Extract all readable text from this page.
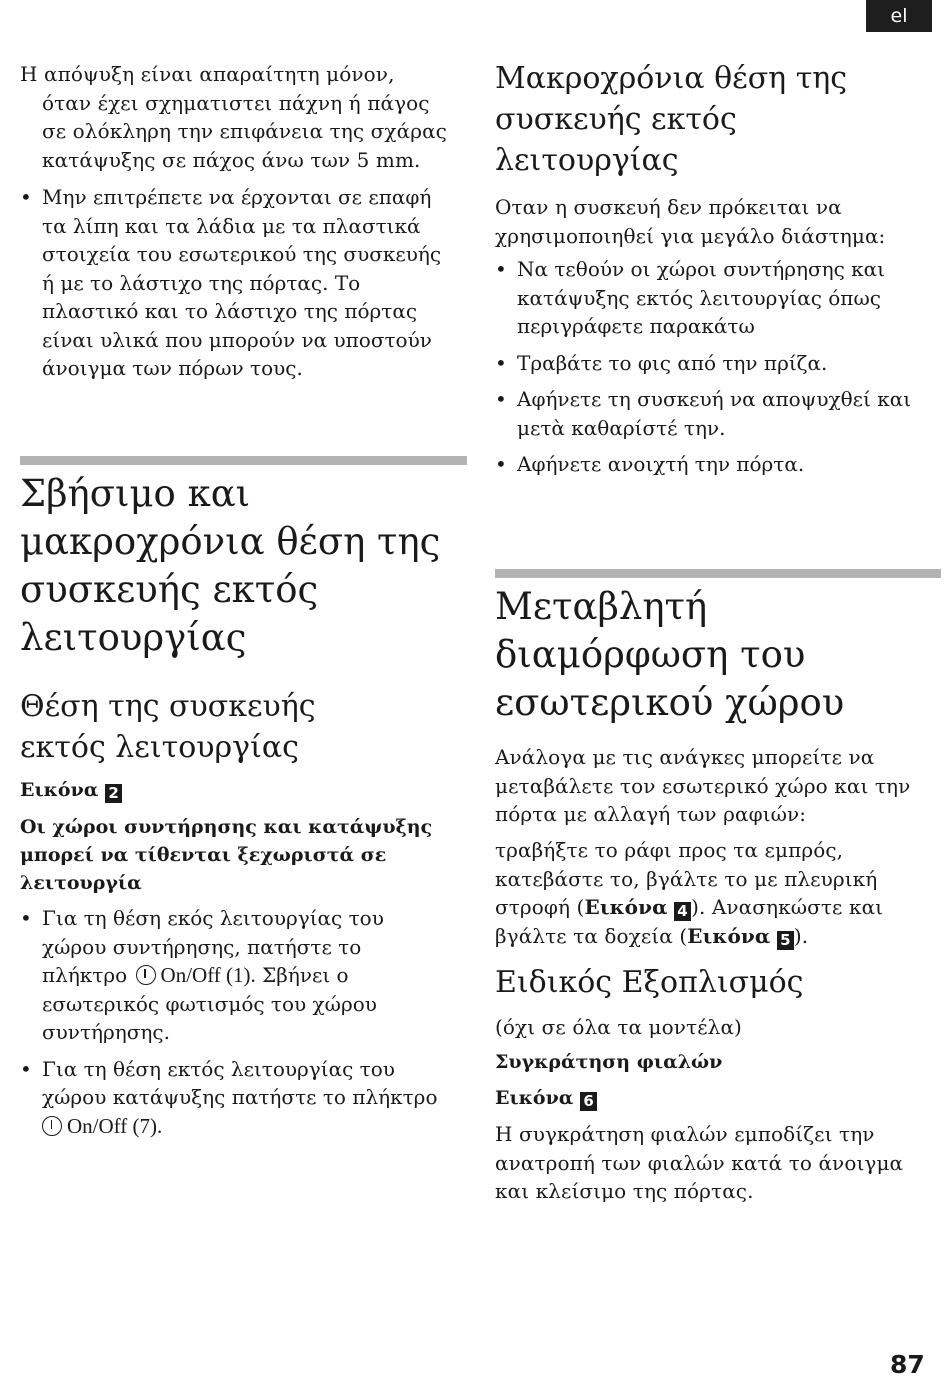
el

Η απόψυξη είναι απαραίτητη μόνον,
όταν έχει σχηματιστει πάχνη ή πάγος
σε ολόκληρη την επιφάνεια της σχάρας
κατάψυξης σε πάχος άνω των 5 mm.

• Μην επιτρέπετε να έρχονται σε επαφή
τα λίπη και τα λάδια με τα πλαστικά
στοιχεία του εσωτερικού της συσκευής
ή με το λάστιχο της πόρτας. Το
πλαστικό και το λάστιχο της πόρτας
είναι υλικά που μπορούν να υποστούν
άνοιγμα των πόρων τους.
Σβήσιμο και
μακροχρόνια θέση της
συσκευής εκτός
λειτουργίας
Θέση της συσκευής
εκτός λειτουργίας

Εικόνα 2

Οι χώροι συντήρησης και κατάψυξης
μπορεί να τίθενται ξεχωριστά σε
λειτουργία

• Για τη θέση εκός λειτουργίας του
χώρου συντήρησης, πατήστε το
πλήκτρο On/Off (1). Σβήνει ο
εσωτερικός φωτισμός του χώρου
συντήρησης.
• Για τη θέση εκτός λειτουργίας του
χώρου κατάψυξης πατήστε το πλήκτρο
On/Off (7).
Μακροχρόνια θέση της
συσκευής εκτός
λειτουργίας

Οταν η συσκευή δεν πρόκειται να
χρησιμοποιηθεί για μεγάλο διάστημα:

• Να τεθούν οι χώροι συντήρησης και
κατάψυξης εκτός λειτουργίας όπως
περιγράφετε παρακάτω
• Τραβάτε το φις από την πρίζα.
• Αφήνετε τη συσκευή να αποψυχθεί και
μετὰ καθαρίστέ την.
• Αφήνετε ανοιχτή την πόρτα.
Μεταβλητή
διαμόρφωση του
εσωτερικού χώρου

Ανάλογα με τις ανάγκες μπορείτε να
μεταβάλετε τον εσωτερικό χώρο και την
πόρτα με αλλαγή των ραφιών:

τραβήξτε το ράφι προς τα εμπρός,
κατεβάστε το, βγάλτε το με πλευρική
στροφή (Εικόνα 4 ). Ανασηκώστε και
βγάλτε τα δοχεία (Εικόνα 5 ).

Ειδικός Εξοπλισμός

(όχι σε όλα τα μοντέλα)

Συγκράτηση φιαλών

Εικόνα 6

Η συγκράτηση φιαλών εμποδίζει την
ανατροπή των φιαλών κατά το άνοιγμα
και κλείσιμο της πόρτας.

87
